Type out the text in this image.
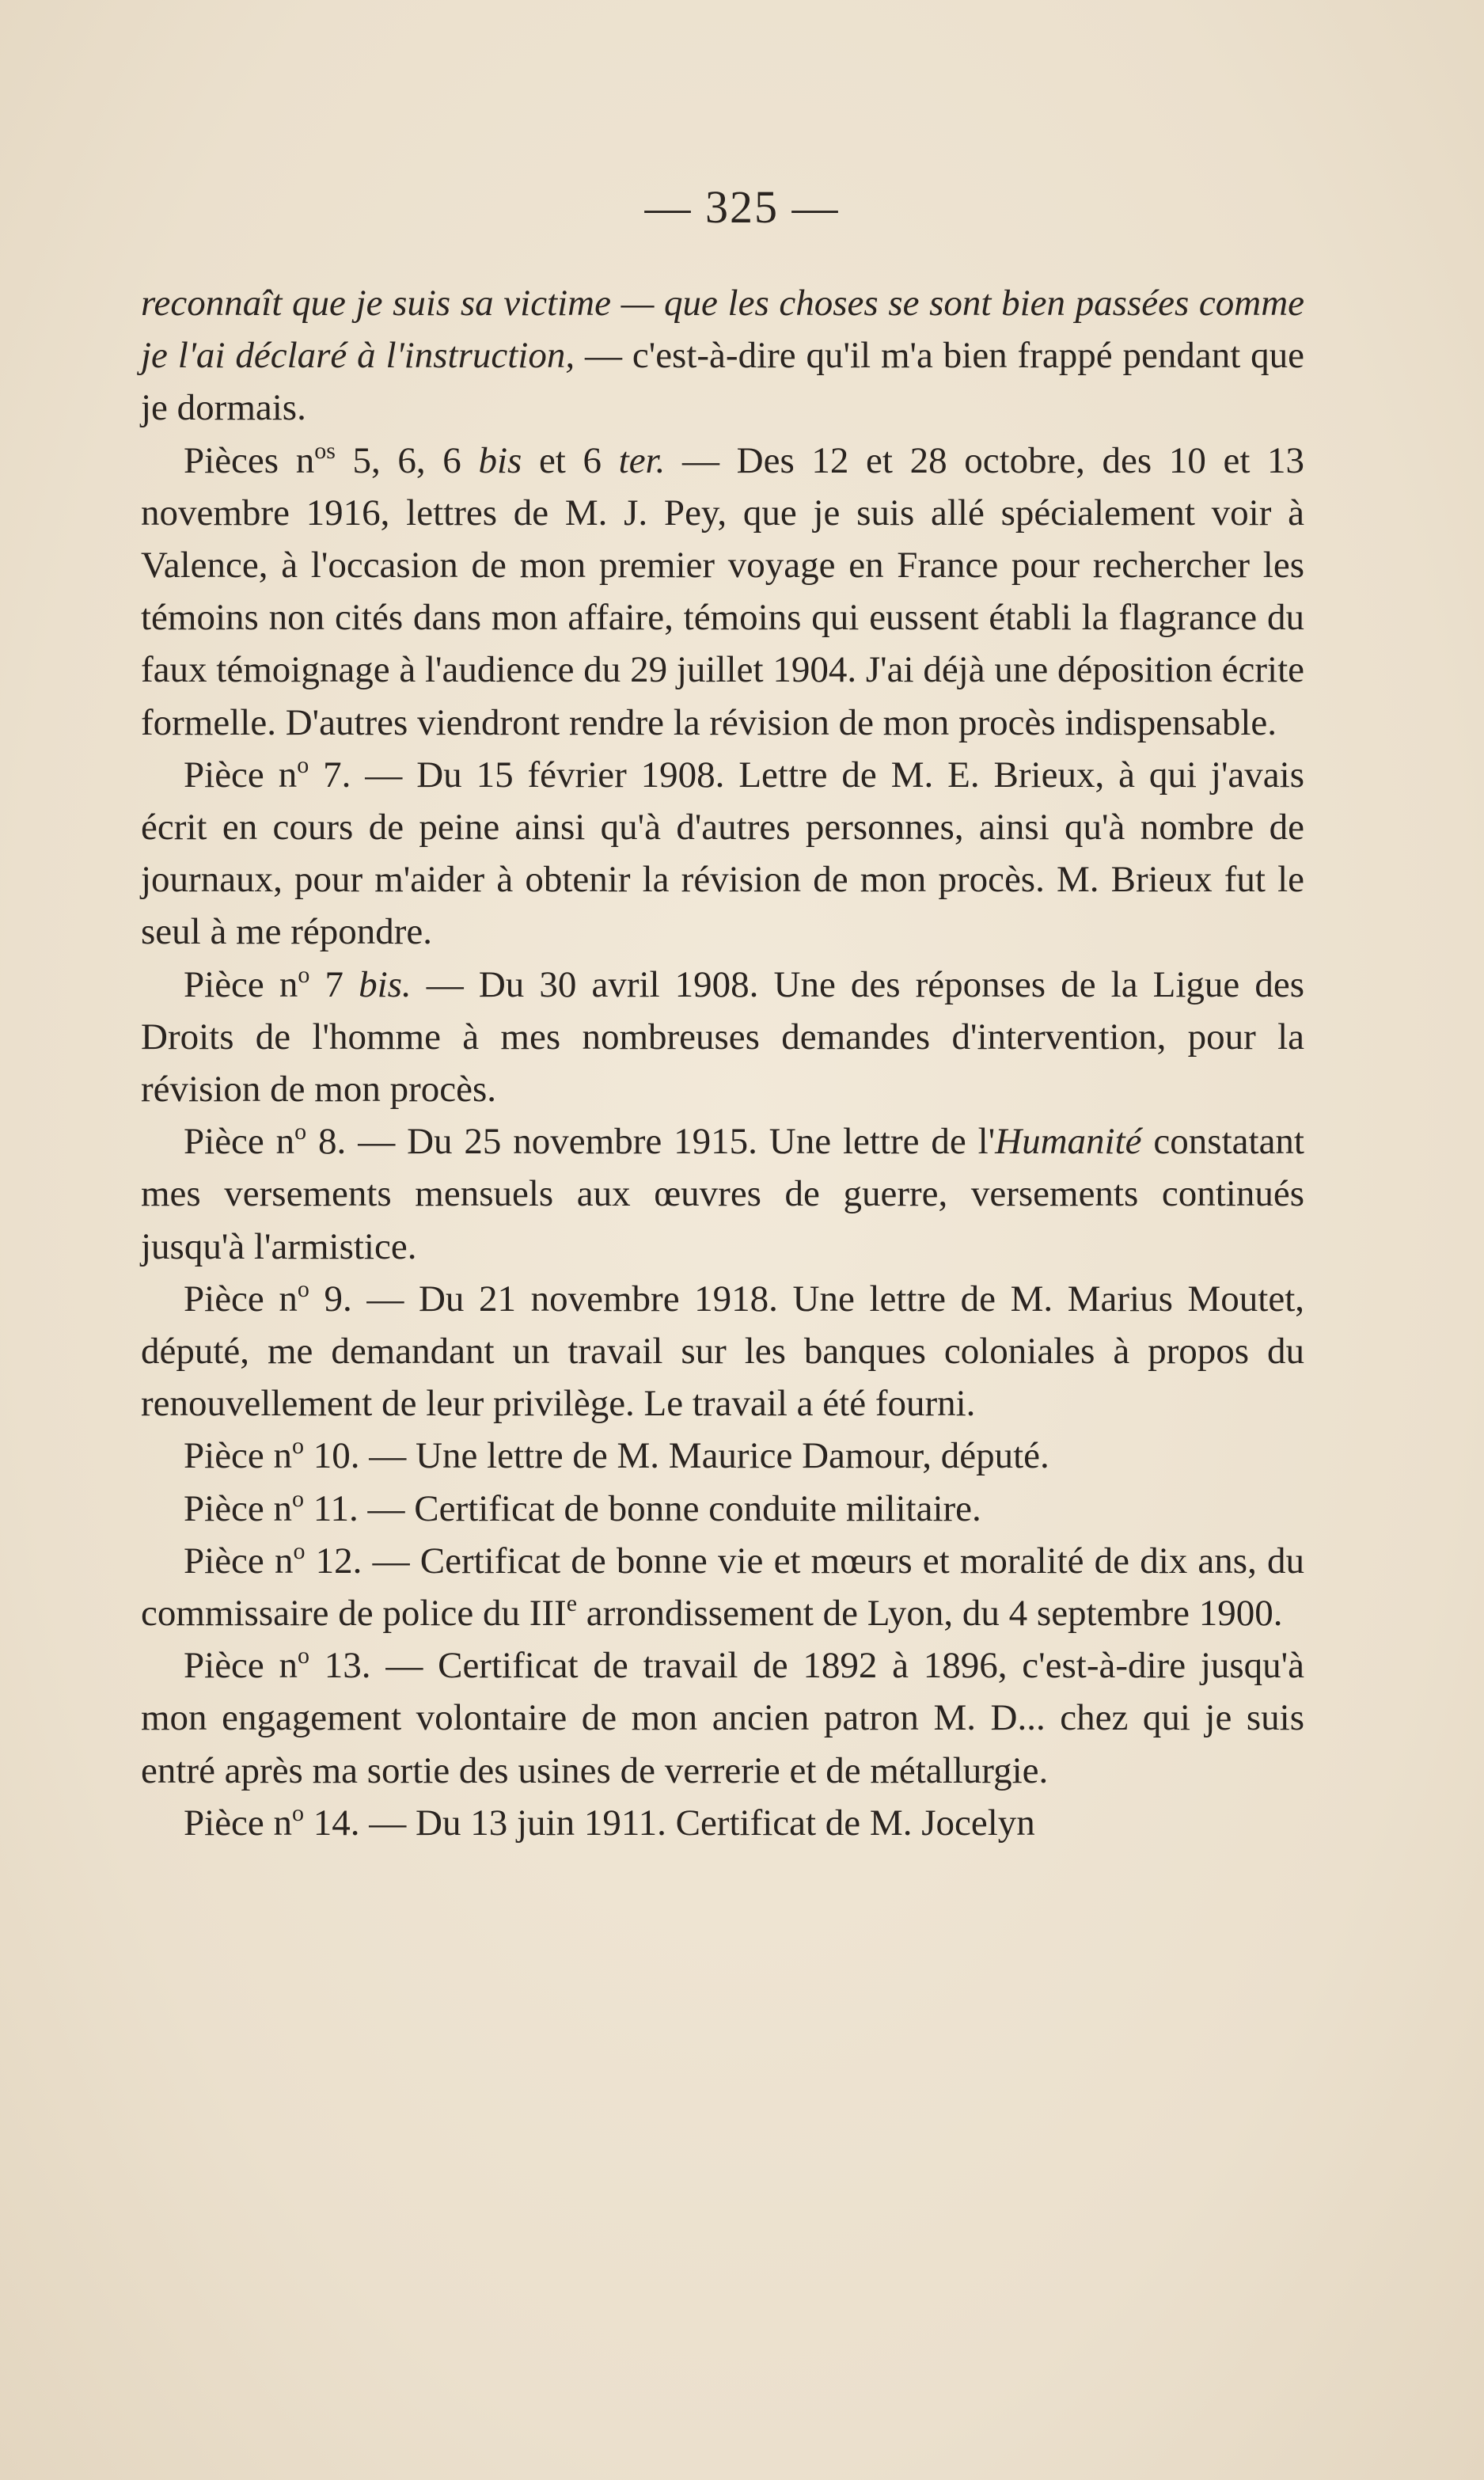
— 325 —

reconnaît que je suis sa victime — que les choses se sont bien passées comme je l'ai déclaré à l'instruction, — c'est-à-dire qu'il m'a bien frappé pendant que je dormais.

Pièces $n^{os}$ 5, 6, 6 bis et 6 ter. — Des 12 et 28 octobre, des 10 et 13 novembre 1916, lettres de M. J. Pey, que je suis allé spécialement voir à Valence, à l'occasion de mon premier voyage en France pour rechercher les témoins non cités dans mon affaire, témoins qui eussent établi la flagrance du faux témoignage à l'audience du 29 juillet 1904. J'ai déjà une déposition écrite formelle. D'autres viendront rendre la révision de mon procès indispensable.

Pièce $n^o$ 7. — Du 15 février 1908. Lettre de M. E. Brieux, à qui j'avais écrit en cours de peine ainsi qu'à d'autres personnes, ainsi qu'à nombre de journaux, pour m'aider à obtenir la révision de mon procès. M. Brieux fut le seul à me répondre.

Pièce $n^o$ 7 bis. — Du 30 avril 1908. Une des réponses de la Ligue des Droits de l'homme à mes nombreuses demandes d'intervention, pour la révision de mon procès.

Pièce $n^o$ 8. — Du 25 novembre 1915. Une lettre de l'Humanité constatant mes versements mensuels aux œuvres de guerre, versements continués jusqu'à l'armistice.

Pièce $n^o$ 9. — Du 21 novembre 1918. Une lettre de M. Marius Moutet, député, me demandant un travail sur les banques coloniales à propos du renouvellement de leur privilège. Le travail a été fourni.

Pièce $n^o$ 10. — Une lettre de M. Maurice Damour, député.

Pièce $n^o$ 11. — Certificat de bonne conduite militaire.

Pièce $n^o$ 12. — Certificat de bonne vie et mœurs et moralité de dix ans, du commissaire de police du IIIe arrondissement de Lyon, du 4 septembre 1900.

Pièce $n^o$ 13. — Certificat de travail de 1892 à 1896, c'est-à-dire jusqu'à mon engagement volontaire de mon ancien patron M. D... chez qui je suis entré après ma sortie des usines de verrerie et de métallurgie.

Pièce $n^o$ 14. — Du 13 juin 1911. Certificat de M. Jocelyn
